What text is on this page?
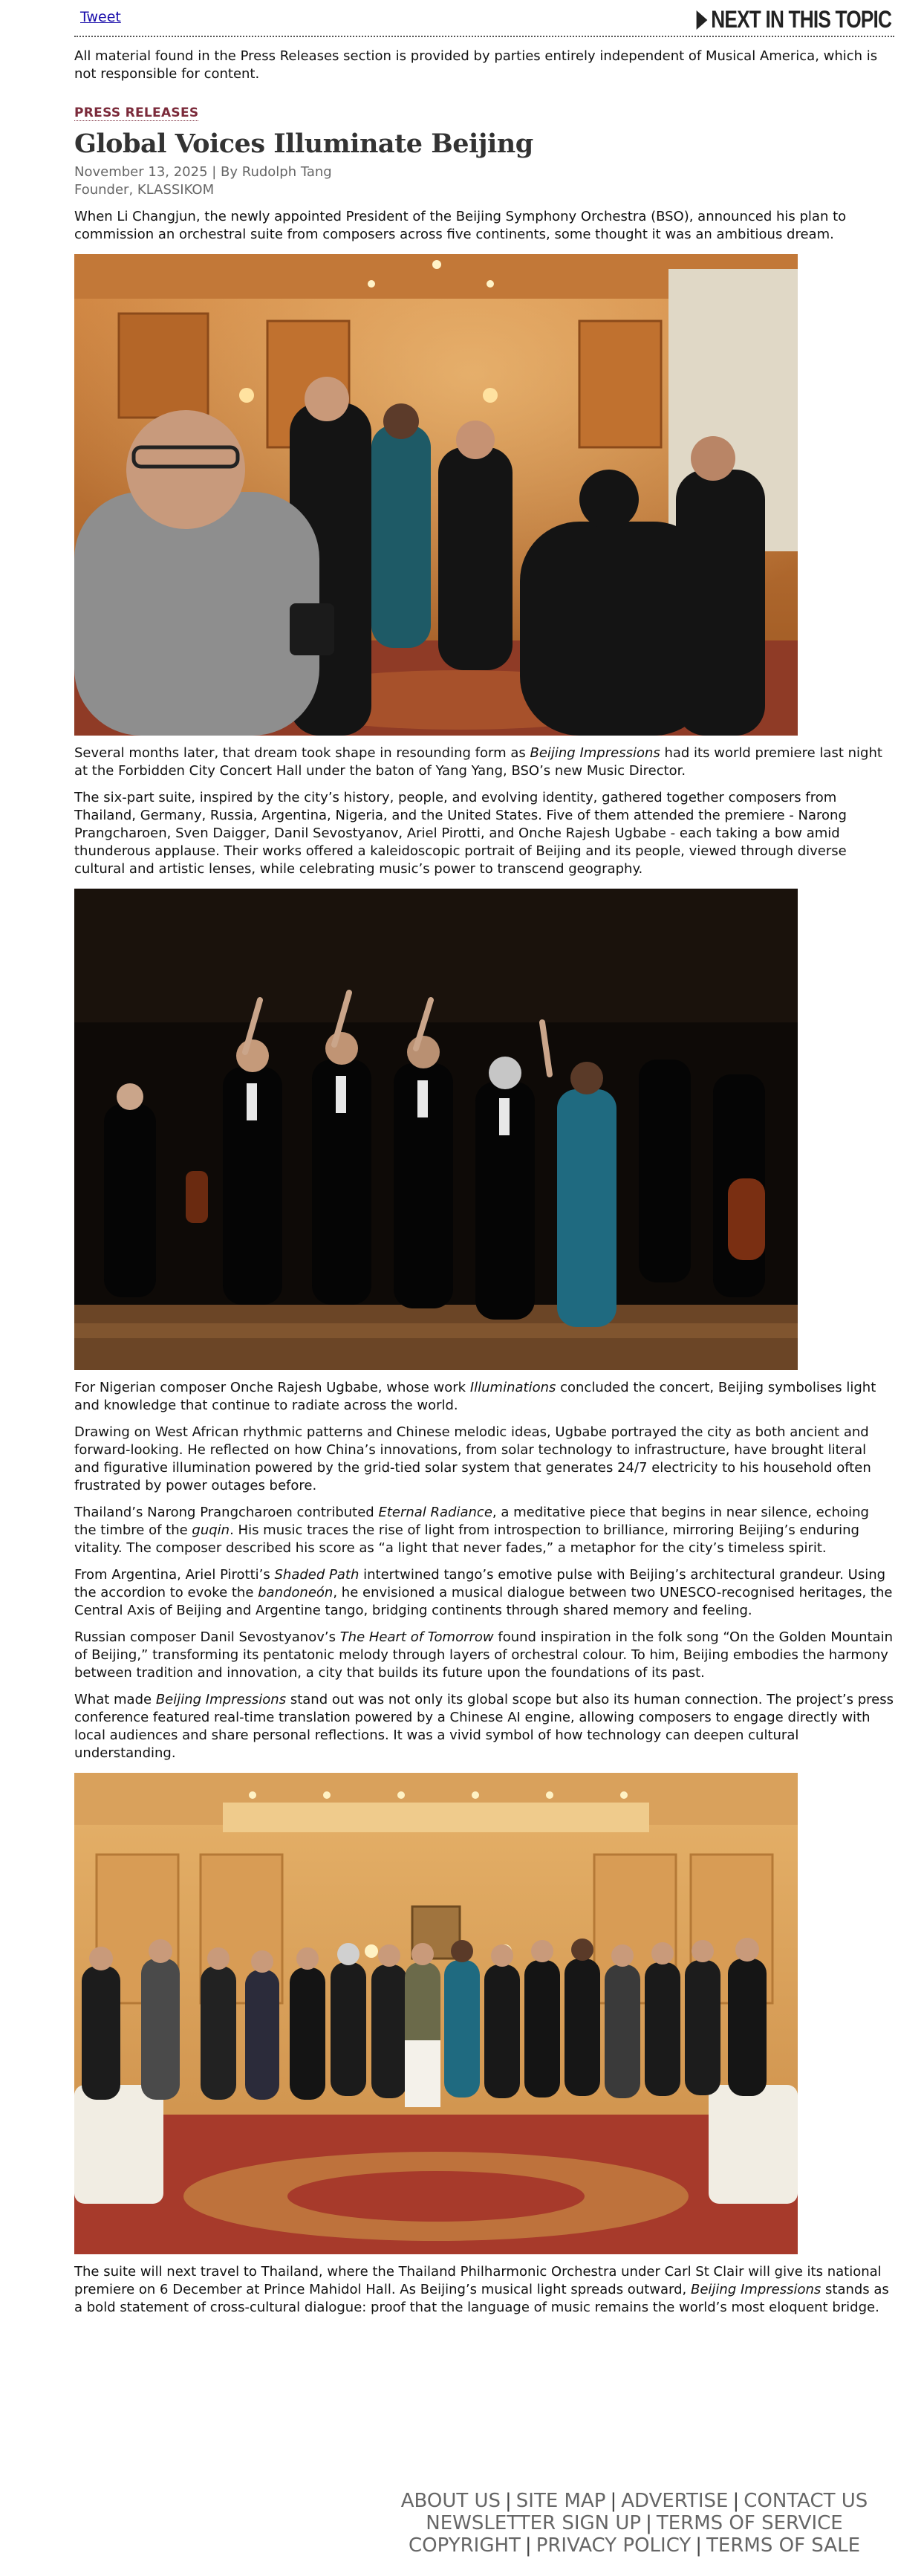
Tweet	NEXT IN THIS TOPIC

All material found in the Press Releases section is provided by parties entirely independent of Musical America, which is not responsible for content.

PRESS RELEASES
Global Voices Illuminate Beijing
November 13, 2025 | By Rudolph Tang
Founder, KLASSIKOM

When Li Changjun, the newly appointed President of the Beijing Symphony Orchestra (BSO), announced his plan to commission an orchestral suite from composers across five continents, some thought it was an ambitious dream.

Several months later, that dream took shape in resounding form as Beijing Impressions had its world premiere last night at the Forbidden City Concert Hall under the baton of Yang Yang, BSO’s new Music Director.

The six-part suite, inspired by the city’s history, people, and evolving identity, gathered together composers from Thailand, Germany, Russia, Argentina, Nigeria, and the United States. Five of them attended the premiere - Narong Prangcharoen, Sven Daigger, Danil Sevostyanov, Ariel Pirotti, and Onche Rajesh Ugbabe - each taking a bow amid thunderous applause. Their works offered a kaleidoscopic portrait of Beijing and its people, viewed through diverse cultural and artistic lenses, while celebrating music’s power to transcend geography.

For Nigerian composer Onche Rajesh Ugbabe, whose work Illuminations concluded the concert, Beijing symbolises light and knowledge that continue to radiate across the world.

Drawing on West African rhythmic patterns and Chinese melodic ideas, Ugbabe portrayed the city as both ancient and forward-looking. He reflected on how China’s innovations, from solar technology to infrastructure, have brought literal and figurative illumination powered by the grid-tied solar system that generates 24/7 electricity to his household often frustrated by power outages before.

Thailand’s Narong Prangcharoen contributed Eternal Radiance, a meditative piece that begins in near silence, echoing the timbre of the guqin. His music traces the rise of light from introspection to brilliance, mirroring Beijing’s enduring vitality. The composer described his score as “a light that never fades,” a metaphor for the city’s timeless spirit.

From Argentina, Ariel Pirotti’s Shaded Path intertwined tango’s emotive pulse with Beijing’s architectural grandeur. Using the accordion to evoke the bandoneón, he envisioned a musical dialogue between two UNESCO-recognised heritages, the Central Axis of Beijing and Argentine tango, bridging continents through shared memory and feeling.

Russian composer Danil Sevostyanov’s The Heart of Tomorrow found inspiration in the folk song “On the Golden Mountain of Beijing,” transforming its pentatonic melody through layers of orchestral colour. To him, Beijing embodies the harmony between tradition and innovation, a city that builds its future upon the foundations of its past.

What made Beijing Impressions stand out was not only its global scope but also its human connection. The project’s press conference featured real-time translation powered by a Chinese AI engine, allowing composers to engage directly with local audiences and share personal reflections. It was a vivid symbol of how technology can deepen cultural understanding.

The suite will next travel to Thailand, where the Thailand Philharmonic Orchestra under Carl St Clair will give its national premiere on 6 December at Prince Mahidol Hall. As Beijing’s musical light spreads outward, Beijing Impressions stands as a bold statement of cross-cultural dialogue: proof that the language of music remains the world’s most eloquent bridge.

ABOUT US | SITE MAP | ADVERTISE | CONTACT US
NEWSLETTER SIGN UP | TERMS OF SERVICE
COPYRIGHT | PRIVACY POLICY | TERMS OF SALE
